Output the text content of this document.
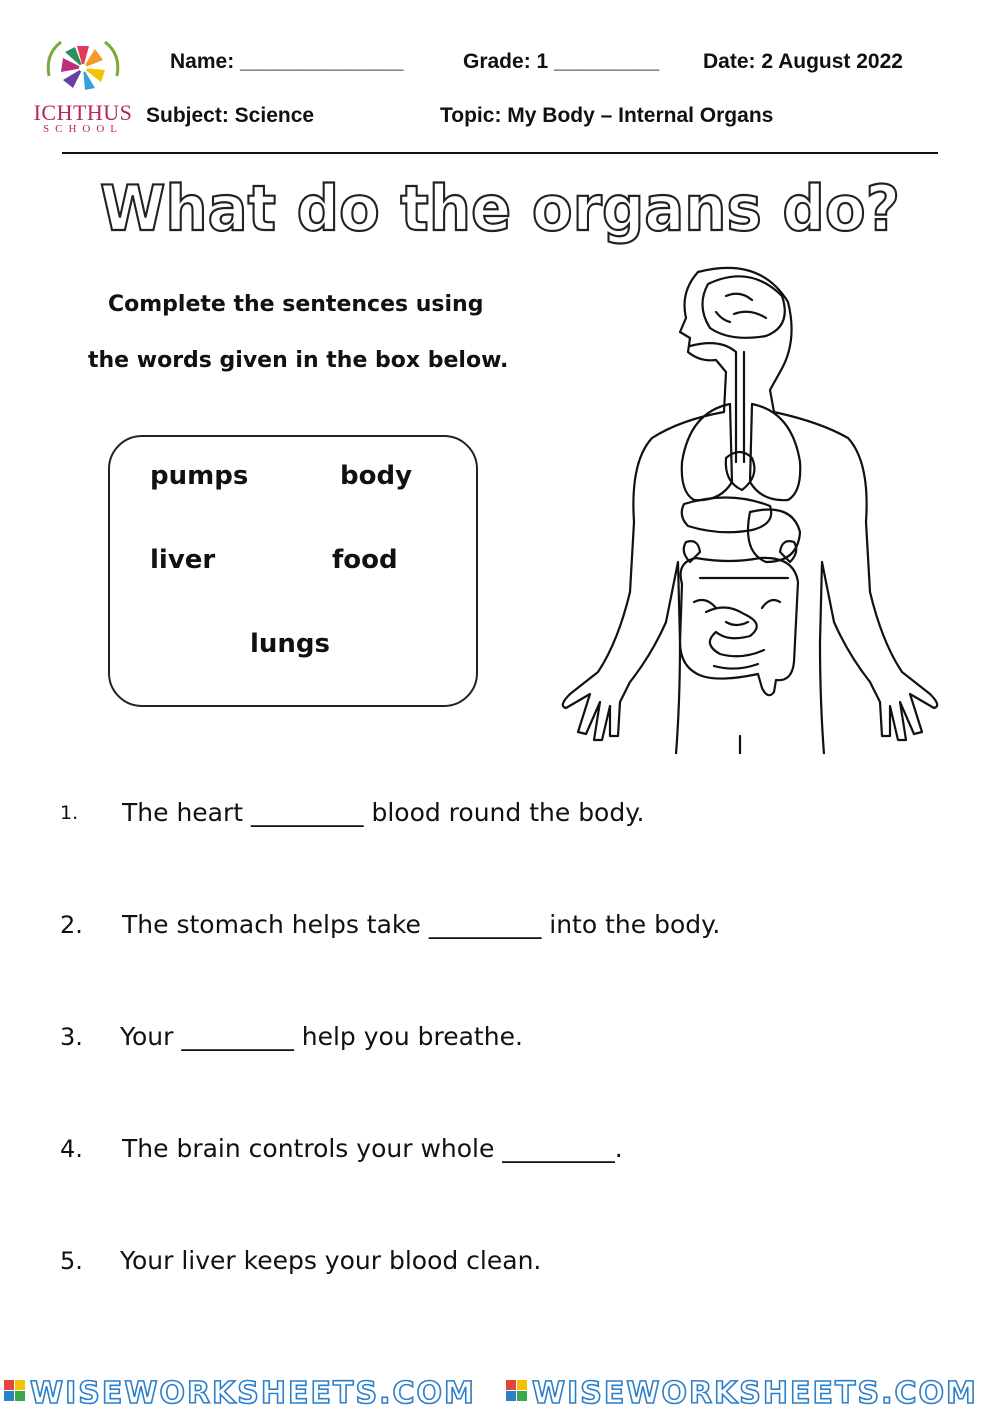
ICHTHUS
SCHOOL
Name: ______________	Grade: 1 _________ Date: 2 August 2022
Subject: Science	Topic: My Body – Internal Organs
What do the organs do?
Complete the sentences using
the words given in the box below.
pumps	body
liver	food
lungs
1. The heart _________ blood round the body.
2. The stomach helps take _________ into the body.
3. Your _________ help you breathe.
4. The brain controls your whole _________.
5. Your liver keeps your blood clean.
WISEWORKSHEETS.COM WISEWORKSHEETS.COM
